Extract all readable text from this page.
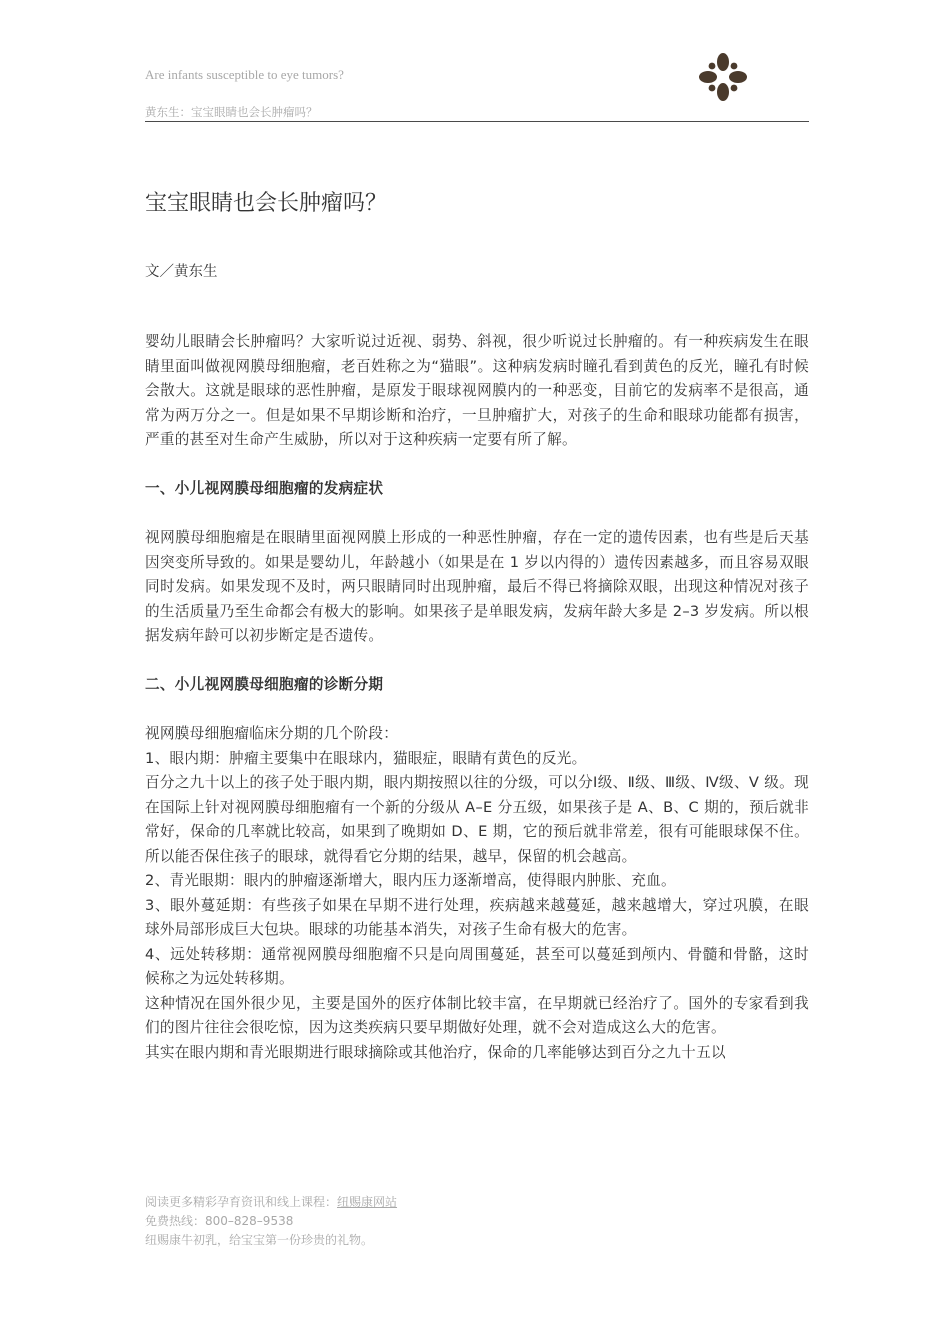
Are infants susceptible to eye tumors?
黄东生：宝宝眼睛也会长肿瘤吗？
宝宝眼睛也会长肿瘤吗？
文／黄东生

婴幼儿眼睛会长肿瘤吗？大家听说过近视、弱势、斜视，很少听说过长肿瘤的。有一种疾病发生在眼睛里面叫做视网膜母细胞瘤，老百姓称之为“猫眼”。这种病发病时瞳孔看到黄色的反光，瞳孔有时候会散大。这就是眼球的恶性肿瘤，是原发于眼球视网膜内的一种恶变，目前它的发病率不是很高，通常为两万分之一。但是如果不早期诊断和治疗，一旦肿瘤扩大，对孩子的生命和眼球功能都有损害，严重的甚至对生命产生威胁，所以对于这种疾病一定要有所了解。

一、小儿视网膜母细胞瘤的发病症状

视网膜母细胞瘤是在眼睛里面视网膜上形成的一种恶性肿瘤，存在一定的遗传因素，也有些是后天基因突变所导致的。如果是婴幼儿，年龄越小（如果是在 1 岁以内得的）遗传因素越多，而且容易双眼同时发病。如果发现不及时，两只眼睛同时出现肿瘤，最后不得已将摘除双眼，出现这种情况对孩子的生活质量乃至生命都会有极大的影响。如果孩子是单眼发病，发病年龄大多是 2–3 岁发病。所以根据发病年龄可以初步断定是否遗传。

二、小儿视网膜母细胞瘤的诊断分期

视网膜母细胞瘤临床分期的几个阶段：

1、眼内期：肿瘤主要集中在眼球内，猫眼症，眼睛有黄色的反光。

百分之九十以上的孩子处于眼内期，眼内期按照以往的分级，可以分Ⅰ级、Ⅱ级、Ⅲ级、Ⅳ级、Ⅴ 级。现在国际上针对视网膜母细胞瘤有一个新的分级从 A–E 分五级，如果孩子是 A、B、C 期的，预后就非常好，保命的几率就比较高，如果到了晚期如 D、E 期，它的预后就非常差，很有可能眼球保不住。所以能否保住孩子的眼球，就得看它分期的结果，越早，保留的机会越高。

2、青光眼期：眼内的肿瘤逐渐增大，眼内压力逐渐增高，使得眼内肿胀、充血。

3、眼外蔓延期：有些孩子如果在早期不进行处理，疾病越来越蔓延，越来越增大，穿过巩膜，在眼球外局部形成巨大包块。眼球的功能基本消失，对孩子生命有极大的危害。

4、远处转移期：通常视网膜母细胞瘤不只是向周围蔓延，甚至可以蔓延到颅内、骨髓和骨骼，这时候称之为远处转移期。

这种情况在国外很少见，主要是国外的医疗体制比较丰富，在早期就已经治疗了。国外的专家看到我们的图片往往会很吃惊，因为这类疾病只要早期做好处理，就不会对造成这么大的危害。

其实在眼内期和青光眼期进行眼球摘除或其他治疗，保命的几率能够达到百分之九十五以

阅读更多精彩孕育资讯和线上课程：纽赐康网站
免费热线：800–828–9538
纽赐康牛初乳，给宝宝第一份珍贵的礼物。
